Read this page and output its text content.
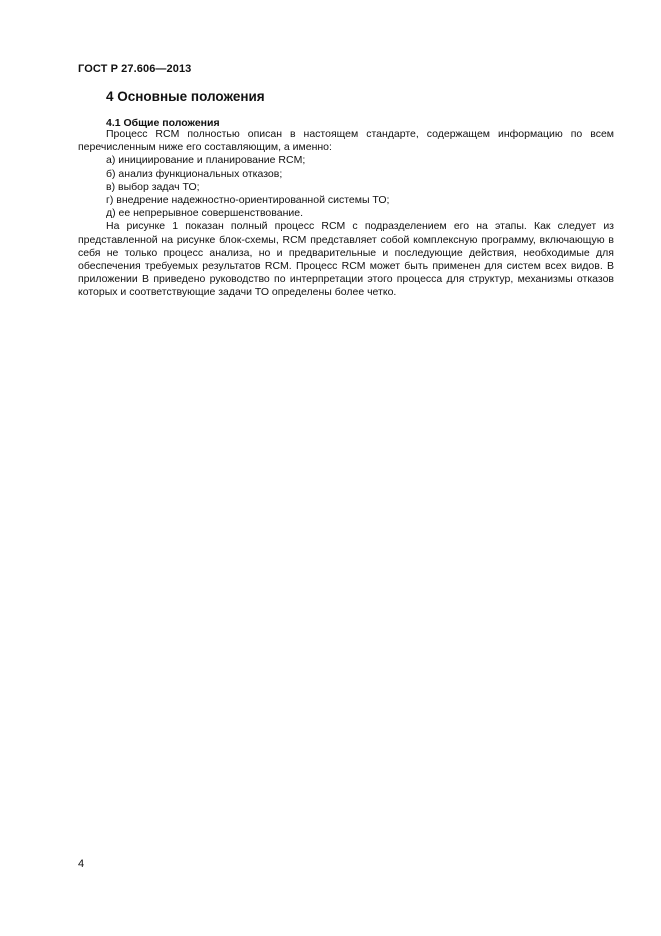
ГОСТ Р 27.606—2013
4 Основные положения
4.1 Общие положения

Процесс RCM полностью описан в настоящем стандарте, содержащем информацию по всем перечисленным ниже его составляющим, а именно:

а) инициирование и планирование RCM;

б) анализ функциональных отказов;

в) выбор задач ТО;

г) внедрение надежностно-ориентированной системы ТО;

д) ее непрерывное совершенствование.

На рисунке 1 показан полный процесс RCM с подразделением его на этапы. Как следует из представленной на рисунке блок-схемы, RCM представляет собой комплексную программу, включающую в себя не только процесс анализа, но и предварительные и последующие действия, необходимые для обеспечения требуемых результатов RCM. Процесс RCM может быть применен для систем всех видов. В приложении В приведено руководство по интерпретации этого процесса для структур, механизмы отказов которых и соответствующие задачи ТО определены более четко.

4
